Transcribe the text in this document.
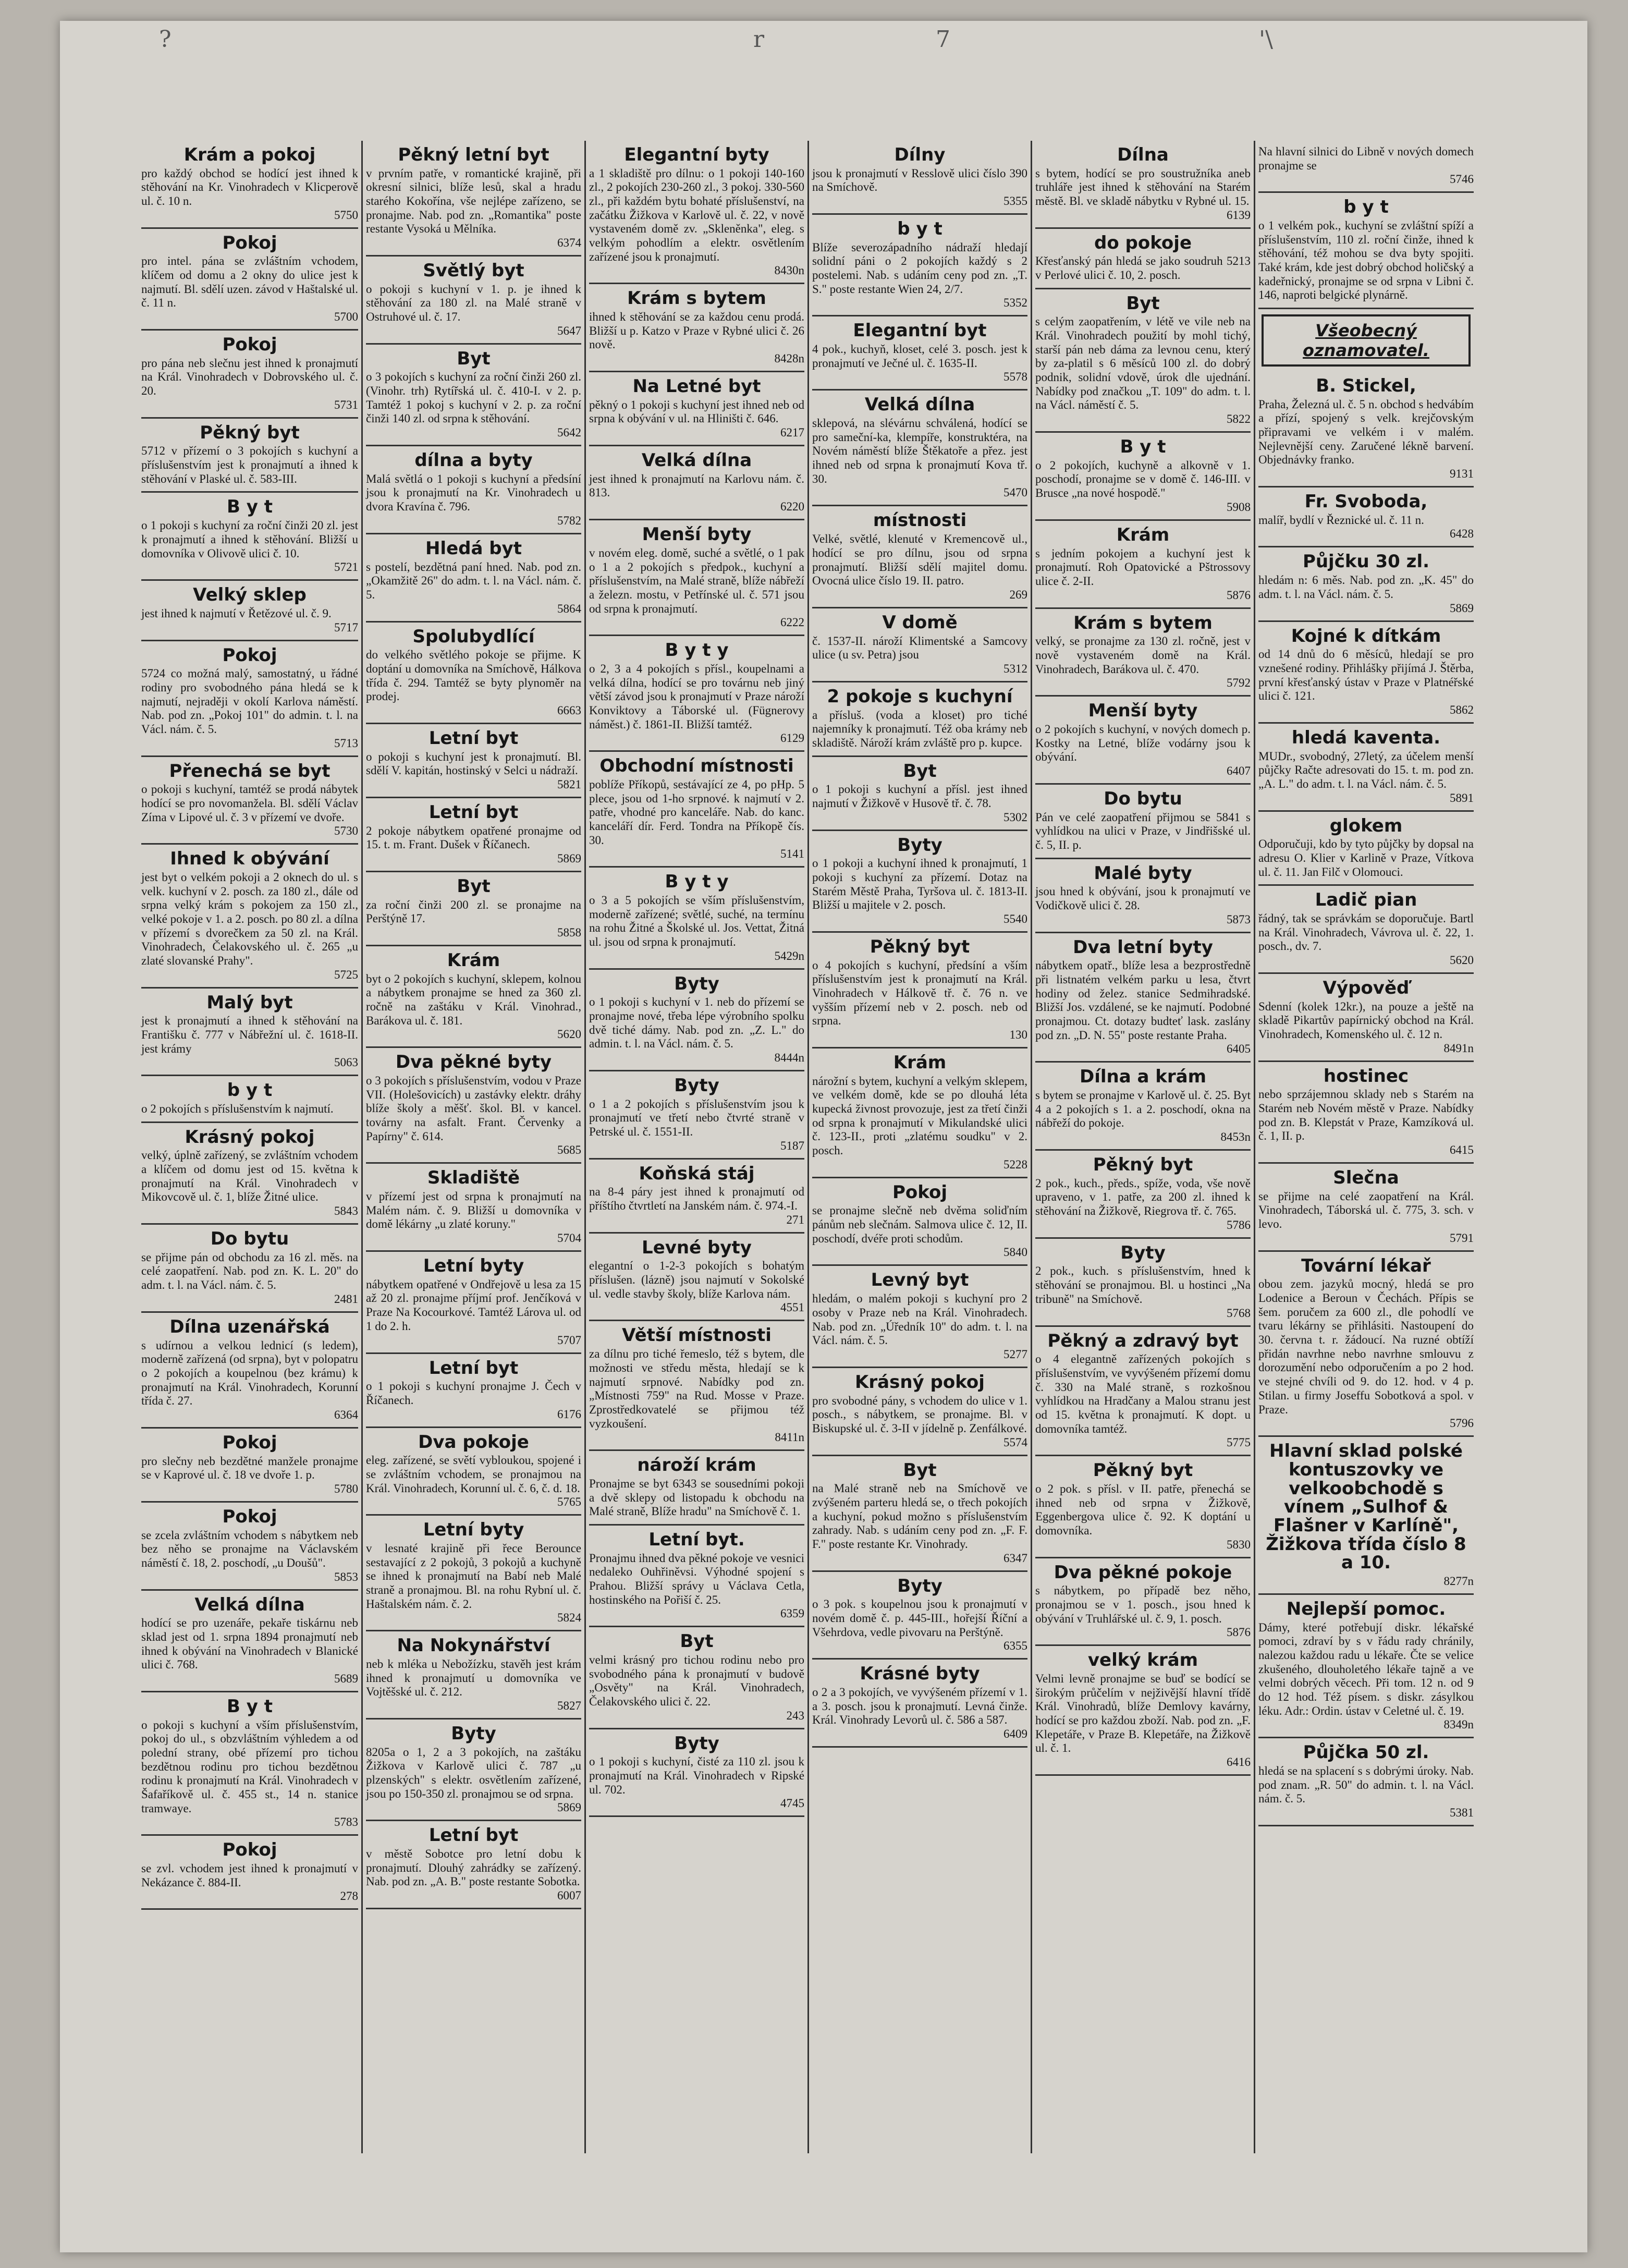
?	r	7	'\
Krám a pokoj

pro každý obchod se hodící jest ihned k stěhování na Kr. Vinohradech v Klicperově ul. č. 10 n.

5750

Pokoj

pro intel. pána se zvláštním vchodem, klíčem od domu a 2 okny do ulice jest k najmutí. Bl. sdělí uzen. závod v Haštalské ul. č. 11 n.

5700

Pokoj

pro pána neb slečnu jest ihned k pronajmutí na Král. Vinohradech v Dobrovského ul. č. 20.

5731

Pěkný byt

5712 v přízemí o 3 pokojích s kuchyní a příslušenstvím jest k pronajmutí a ihned k stěhování v Plaské ul. č. 583-III.

B y t

o 1 pokoji s kuchyní za roční činži 20 zl. jest k pronajmutí a ihned k stěhování. Bližší u domovníka v Olivově ulici č. 10.

5721

Velký sklep

jest ihned k najmutí v Řetězové ul. č. 9.

5717

Pokoj

5724 co možná malý, samostatný, u řádné rodiny pro svobodného pána hledá se k najmutí, nejraději v okolí Karlova náměstí. Nab. pod zn. „Pokoj 101" do admin. t. l. na Václ. nám. č. 5.

5713

Přenechá se byt

o pokoji s kuchyní, tamtéž se prodá nábytek hodící se pro novomanžela. Bl. sdělí Václav Zíma v Lipové ul. č. 3 v přízemí ve dvoře.

5730

Ihned k obývání

jest byt o velkém pokoji a 2 oknech do ul. s velk. kuchyní v 2. posch. za 180 zl., dále od srpna velký krám s pokojem za 150 zl., velké pokoje v 1. a 2. posch. po 80 zl. a dílna v přízemí s dvorečkem za 50 zl. na Král. Vinohradech, Čelakovského ul. č. 265 „u zlaté slovanské Prahy".

5725

Malý byt

jest k pronajmutí a ihned k stěhování na Františku č. 777 v Nábřežní ul. č. 1618-II. jest krámy

5063

b y t

o 2 pokojích s příslušenstvím k najmutí.

Krásný pokoj

velký, úplně zařízený, se zvláštním vchodem a klíčem od domu jest od 15. května k pronajmutí na Král. Vinohradech v Mikovcově ul. č. 1, blíže Žitné ulice.

5843

Do bytu

se přijme pán od obchodu za 16 zl. měs. na celé zaopatření. Nab. pod zn. K. L. 20" do adm. t. l. na Václ. nám. č. 5.

2481

Dílna uzenářská

s udírnou a velkou lednicí (s ledem), moderně zařízená (od srpna), byt v polopatru o 2 pokojích a koupelnou (bez krámu) k pronajmutí na Král. Vinohradech, Korunní třída č. 27.

6364

Pokoj

pro slečny neb bezdětné manžele pronajme se v Kaprové ul. č. 18 ve dvoře 1. p.

5780

Pokoj

se zcela zvláštním vchodem s nábytkem neb bez něho se pronajme na Václavském náměstí č. 18, 2. poschodí, „u Doušů".

5853

Velká dílna

hodící se pro uzenáře, pekaře tiskárnu neb sklad jest od 1. srpna 1894 pronajmutí neb ihned k obývání na Vinohradech v Blanické ulici č. 768.

5689

B y t

o pokoji s kuchyní a vším příslušenstvím, pokoj do ul., s obzvláštním výhledem a od polední strany, obé přízemí pro tichou bezdětnou rodinu pro tichou bezdětnou rodinu k pronajmutí na Král. Vinohradech v Šafaříkově ul. č. 455 st., 14 n. stanice tramwaye.

5783

Pokoj

se zvl. vchodem jest ihned k pronajmutí v Nekázance č. 884-II.

278

Pěkný letní byt

v prvním patře, v romantické krajině, při okresní silnici, blíže lesů, skal a hradu starého Kokořína, vše nejlépe zařízeno, se pronajme. Nab. pod zn. „Romantika" poste restante Vysoká u Mělníka.

6374

Světlý byt

o pokoji s kuchyní v 1. p. je ihned k stěhování za 180 zl. na Malé straně v Ostruhové ul. č. 17.

5647

Byt

o 3 pokojích s kuchyní za roční činži 260 zl. (Vinohr. trh) Rytířská ul. č. 410-I. v 2. p. Tamtéž 1 pokoj s kuchyní v 2. p. za roční činži 140 zl. od srpna k stěhování.

5642

dílna a byty

Malá světlá o 1 pokoji s kuchyní a předsíní jsou k pronajmutí na Kr. Vinohradech u dvora Kravína č. 796.

5782

Hledá byt

s postelí, bezdětná paní hned. Nab. pod zn. „Okamžitě 26" do adm. t. l. na Václ. nám. č. 5.

5864

Spolubydlící

do velkého světlého pokoje se přijme. K doptání u domovníka na Smíchově, Hálkova třída č. 294. Tamtéž se byty plynoměr na prodej.

6663

Letní byt

o pokoji s kuchyní jest k pronajmutí. Bl. sdělí V. kapitán, hostinský v Selci u nádraží.

5821

Letní byt

2 pokoje nábytkem opatřené pronajme od 15. t. m. Frant. Dušek v Říčanech.

5869

Byt

za roční činži 200 zl. se pronajme na Perštýně 17.

5858

Krám

byt o 2 pokojích s kuchyní, sklepem, kolnou a nábytkem pronajme se hned za 360 zl. ročně na zaštáku v Král. Vinohrad., Barákova ul. č. 181.

5620

Dva pěkné byty

o 3 pokojích s příslušenstvím, vodou v Praze VII. (Holešovicích) u zastávky elektr. dráhy blíže školy a měšť. škol. Bl. v kancel. továrny na asfalt. Frant. Červenky a Papírny" č. 614.

5685

Skladiště

v přízemí jest od srpna k pronajmutí na Malém nám. č. 9. Bližší u domovníka v domě lékárny „u zlaté koruny."

5704

Letní byty

nábytkem opatřené v Ondřejově u lesa za 15 až 20 zl. pronajme příjmí prof. Jenčíková v Praze Na Kocourkové. Tamtéž Lárova ul. od 1 do 2. h.

5707

Letní byt

o 1 pokoji s kuchyní pronajme J. Čech v Říčanech.

6176

Dva pokoje

eleg. zařízené, se světí vybloukou, spojené i se zvláštním vchodem, se pronajmou na Král. Vinohradech, Korunní ul. č. 6, č. d. 18.

5765

Letní byty

v lesnaté krajině při řece Berounce sestavající z 2 pokojů, 3 pokojů a kuchyně se ihned k pronajmutí na Babí neb Malé straně a pronajmou. Bl. na rohu Rybní ul. č. Haštalském nám. č. 2.

5824

Na Nokynářství

neb k mléka u Nebožízku, stavěh jest krám ihned k pronajmutí u domovníka ve Vojtěšské ul. č. 212.

5827

Byty

8205a o 1, 2 a 3 pokojích, na zaštáku Žižkova v Karlově ulici č. 787 „u plzenských" s elektr. osvětlením zařízené, jsou po 150-350 zl. pronajmou se od srpna.

5869

Letní byt

v městě Sobotce pro letní dobu k pronajmutí. Dlouhý zahrádky se zařízený. Nab. pod zn. „A. B." poste restante Sobotka.

6007

Elegantní byty

a 1 skladiště pro dílnu: o 1 pokoji 140-160 zl., 2 pokojích 230-260 zl., 3 pokoj. 330-560 zl., při každém bytu bohaté příslušenství, na začátku Žižkova v Karlově ul. č. 22, v nově vystaveném domě zv. „Skleněnka", eleg. s velkým pohodlím a elektr. osvětlením zařízené jsou k pronajmutí.

8430n

Krám s bytem

ihned k stěhování se za každou cenu prodá. Bližší u p. Katzo v Praze v Rybné ulici č. 26 nově.

8428n

Na Letné byt

pěkný o 1 pokoji s kuchyní jest ihned neb od srpna k obývání v ul. na Hliništi č. 646.

6217

Velká dílna

jest ihned k pronajmutí na Karlovu nám. č. 813.

6220

Menší byty

v novém eleg. domě, suché a světlé, o 1 pak o 1 a 2 pokojích s předpok., kuchyní a příslušenstvím, na Malé straně, blíže nábřeží a železn. mostu, v Petřínské ul. č. 571 jsou od srpna k pronajmutí.

6222

B y t y

o 2, 3 a 4 pokojích s přísl., koupelnami a velká dílna, hodící se pro továrnu neb jiný větší závod jsou k pronajmutí v Praze nároží Konviktovy a Táborské ul. (Fügnerovy náměst.) č. 1861-II. Bližší tamtéž.

6129

Obchodní místnosti

poblíže Příkopů, sestávající ze 4, po pHp. 5 plece, jsou od 1-ho srpnové. k najmutí v 2. patře, vhodné pro kanceláře. Nab. do kanc. kanceláří dír. Ferd. Tondra na Příkopě čís. 30.

5141

B y t y

o 3 a 5 pokojích se vším příslušenstvím, moderně zařízené; světlé, suché, na termínu na rohu Žitné a Školské ul. Jos. Vettat, Žitná ul. jsou od srpna k pronajmutí.

5429n

Byty

o 1 pokoji s kuchyní v 1. neb do přízemí se pronajme nové, třeba lépe výrobního spolku dvě tiché dámy. Nab. pod zn. „Z. L." do admin. t. l. na Václ. nám. č. 5.

8444n

Byty

o 1 a 2 pokojích s příslušenstvím jsou k pronajmutí ve třetí nebo čtvrté straně v Petrské ul. č. 1551-II.

5187

Koňská stáj

na 8-4 páry jest ihned k pronajmutí od příštího čtvrtletí na Janském nám. č. 974.-I.

271

Levné byty

elegantní o 1-2-3 pokojích s bohatým příslušen. (lázně) jsou najmutí v Sokolské ul. vedle stavby školy, blíže Karlova nám.

4551

Větší místnosti

za dílnu pro tiché řemeslo, též s bytem, dle možnosti ve středu města, hledají se k najmutí srpnové. Nabídky pod zn. „Místnosti 759" na Rud. Mosse v Praze. Zprostředkovatelé se přijmou též vyzkoušení.

8411n

nároží krám

Pronajme se byt 6343 se sousedními pokoji a dvě sklepy od listopadu k obchodu na Malé straně, Blíže hradu" na Smíchově č. 1.

Letní byt.

Pronajmu ihned dva pěkné pokoje ve vesnici nedaleko Ouhřiněvsi. Výhodné spojení s Prahou. Bližší správy u Václava Cetla, hostinského na Pořiší č. 25.

6359

Byt

velmi krásný pro tichou rodinu nebo pro svobodného pána k pronajmutí v budově „Osvěty" na Král. Vinohradech, Čelakovského ulici č. 22.

243

Byty

o 1 pokoji s kuchyní, čisté za 110 zl. jsou k pronajmutí na Král. Vinohradech v Ripské ul. 702.

4745

Dílny

jsou k pronajmutí v Resslově ulici číslo 390 na Smíchově.

5355

b y t

Blíže severozápadního nádraží hledají solidní páni o 2 pokojích každý s 2 postelemi. Nab. s udáním ceny pod zn. „T. S." poste restante Wien 24, 2/7.

5352

Elegantní byt

4 pok., kuchyň, kloset, celé 3. posch. jest k pronajmutí ve Ječné ul. č. 1635-II.

5578

Velká dílna

sklepová, na slévárnu schválená, hodící se pro sameční-ka, klempíře, konstruktéra, na Novém náměstí blíže Štěkatoře a přez. jest ihned neb od srpna k pronajmutí Kova tř. 30.

5470

místnosti

Velké, světlé, klenuté v Kremencově ul., hodící se pro dílnu, jsou od srpna pronajmutí. Bližší sdělí majitel domu. Ovocná ulice číslo 19. II. patro.

269

V domě

č. 1537-II. nároží Klimentské a Samcovy ulice (u sv. Petra) jsou

5312

2 pokoje s kuchyní

a přísluš. (voda a kloset) pro tiché najemníky k pronajmutí. Též oba krámy neb skladiště. Nároží krám zvláště pro p. kupce.

Byt

o 1 pokoji s kuchyní a přísl. jest ihned najmutí v Žižkově v Husově tř. č. 78.

5302

Byty

o 1 pokoji a kuchyní ihned k pronajmutí, 1 pokoji s kuchyní za přízemí. Dotaz na Starém Městě Praha, Tyršova ul. č. 1813-II. Bližší u majitele v 2. posch.

5540

Pěkný byt

o 4 pokojích s kuchyní, předsíní a vším příslušenstvím jest k pronajmutí na Král. Vinohradech v Hálkově tř. č. 76 n. ve vyšším přízemí neb v 2. posch. neb od srpna.

130

Krám

nárožní s bytem, kuchyní a velkým sklepem, ve velkém domě, kde se po dlouhá léta kupecká živnost provozuje, jest za třetí činži od srpna k pronajmutí v Mikulandské ulici č. 123-II., proti „zlatému soudku" v 2. posch.

5228

Pokoj

se pronajme slečně neb dvěma soliďním pánům neb slečnám. Salmova ulice č. 12, II. poschodí, dvéře proti schodům.

5840

Levný byt

hledám, o malém pokoji s kuchyní pro 2 osoby v Praze neb na Král. Vinohradech. Nab. pod zn. „Úředník 10" do adm. t. l. na Václ. nám. č. 5.

5277

Krásný pokoj

pro svobodné pány, s vchodem do ulice v 1. posch., s nábytkem, se pronajme. Bl. v Biskupské ul. č. 3-II v jídelně p. Zenfálkové.

5574

Byt

na Malé straně neb na Smíchově ve zvýšeném parteru hledá se, o třech pokojích a kuchyní, pokud možno s příslušenstvím zahrady. Nab. s udáním ceny pod zn. „F. F. F." poste restante Kr. Vinohrady.

6347

Byty

o 3 pok. s koupelnou jsou k pronajmutí v novém domě č. p. 445-III., hořejší Říční a Všehrdova, vedle pivovaru na Perštýně.

6355

Krásné byty

o 2 a 3 pokojích, ve vyvýšeném přízemí v 1. a 3. posch. jsou k pronajmutí. Levná činže. Král. Vinohrady Levorů ul. č. 586 a 587.

6409

Dílna

s bytem, hodící se pro soustružníka aneb truhláře jest ihned k stěhování na Starém městě. Bl. ve skladě nábytku v Rybné ul. 15.

6139

do pokoje

Křesťanský pán hledá se jako soudruh 5213 v Perlové ulici č. 10, 2. posch.

Byt

s celým zaopatřením, v létě ve vile neb na Král. Vinohradech použití by mohl tichý, starší pán neb dáma za levnou cenu, který by za-platil s 6 měsíců 100 zl. do dobrý podnik, solidní vdově, úrok dle ujednání. Nabídky pod značkou „T. 109" do adm. t. l. na Václ. náměstí č. 5.

5822

B y t

o 2 pokojích, kuchyně a alkovně v 1. poschodí, pronajme se v domě č. 146-III. v Brusce „na nové hospodě."

5908

Krám

s jedním pokojem a kuchyní jest k pronajmutí. Roh Opatovické a Pštrossovy ulice č. 2-II.

5876

Krám s bytem

velký, se pronajme za 130 zl. ročně, jest v nově vystaveném domě na Král. Vinohradech, Barákova ul. č. 470.

5792

Menší byty

o 2 pokojích s kuchyní, v nových domech p. Kostky na Letné, blíže vodárny jsou k obývání.

6407

Do bytu

Pán ve celé zaopatření přijmou se 5841 s vyhlídkou na ulici v Praze, v Jindřišské ul. č. 5, II. p.

Malé byty

jsou hned k obývání, jsou k pronajmutí ve Vodičkově ulici č. 28.

5873

Dva letní byty

nábytkem opatř., blíže lesa a bezprostředně při listnatém velkém parku u lesa, čtvrt hodiny od želez. stanice Sedmihradské. Bližší Jos. vzdálené, se ke najmutí. Podobné pronajmou. Ct. dotazy budteť lask. zaslány pod zn. „D. N. 55" poste restante Praha.

6405

Dílna a krám

s bytem se pronajme v Karlově ul. č. 25. Byt 4 a 2 pokojích s 1. a 2. poschodí, okna na nábřeží do pokoje.

8453n

Pěkný byt

2 pok., kuch., předs., spíže, voda, vše nově upraveno, v 1. patře, za 200 zl. ihned k stěhování na Žižkově, Riegrova tř. č. 765.

5786

Byty

2 pok., kuch. s příslušenstvím, hned k stěhování se pronajmou. Bl. u hostinci „Na tribuně" na Smíchově.

5768

Pěkný a zdravý byt

o 4 elegantně zařízených pokojích s příslušenstvím, ve vyvýšeném přízemí domu č. 330 na Malé straně, s rozkošnou vyhlídkou na Hradčany a Malou stranu jest od 15. května k pronajmutí. K dopt. u domovníka tamtéž.

5775

Pěkný byt

o 2 pok. s přísl. v II. patře, přenechá se ihned neb od srpna v Žižkově, Eggenbergova ulice č. 92. K doptání u domovníka.

5830

Dva pěkné pokoje

s nábytkem, po případě bez něho, pronajmou se v 1. posch., jsou hned k obývání v Truhlářské ul. č. 9, 1. posch.

5876

velký krám

Velmi levně pronajme se buď se bodící se širokým průčelím v nejživější hlavní třídě Král. Vinohradů, blíže Demlovy kavárny, hodící se pro každou zboží. Nab. pod zn. „F. Klepetáře, v Praze B. Klepetáře, na Žižkově ul. č. 1.

6416

Na hlavní silnici do Libně v nových domech pronajme se

5746

b y t

o 1 velkém pok., kuchyní se zvláštní spíží a příslušenstvím, 110 zl. roční činže, ihned k stěhování, též mohou se dva byty spojiti. Také krám, kde jest dobrý obchod holičský a kadeřnický, pronajme se od srpna v Libni č. 146, naproti belgické plynárně.

Všeobecný
oznamovatel.
B. Stickel,

Praha, Železná ul. č. 5 n. obchod s hedvábím a přízí, spojený s velk. krejčovským připravami ve velkém i v malém. Nejlevnější ceny. Zaručené lékně barvení. Objednávky franko.

9131

Fr. Svoboda,

malíř, bydlí v Řeznické ul. č. 11 n.

6428

Půjčku 30 zl.

hledám n: 6 měs. Nab. pod zn. „K. 45" do adm. t. l. na Václ. nám. č. 5.

5869

Kojné k dítkám

od 14 dnů do 6 měsíců, hledají se pro vznešené rodiny. Přihlášky přijímá J. Štěrba, první křesťanský ústav v Praze v Platnéřské ulici č. 121.

5862

hledá kaventa.

MUDr., svobodný, 27letý, za účelem menší půjčky Račte adresovati do 15. t. m. pod zn. „A. L." do adm. t. l. na Václ. nám. č. 5.

5891

glokem

Odporučuji, kdo by tyto půjčky by dopsal na adresu O. Klier v Karlině v Praze, Vítkova ul. č. 11. Jan Filč v Olomouci.

Ladič pian

řádný, tak se správkám se doporučuje. Bartl na Král. Vinohradech, Vávrova ul. č. 22, 1. posch., dv. 7.

5620

Výpověď

Sdenní (kolek 12kr.), na pouze a ještě na skladě Pikartův papírnický obchod na Král. Vinohradech, Komenského ul. č. 12 n.

8491n

hostinec

nebo sprzájemnou sklady neb s Starém na Starém neb Novém městě v Praze. Nabídky pod zn. B. Klepstát v Praze, Kamzíková ul. č. 1, II. p.

6415

Slečna

se přijme na celé zaopatření na Král. Vinohradech, Táborská ul. č. 775, 3. sch. v levo.

5791

Tovární lékař

obou zem. jazyků mocný, hledá se pro Lodenice a Beroun v Čechách. Přípis se šem. poručem za 600 zl., dle pohodlí ve tvaru lékárny se přihlásiti. Nastoupení do 30. června t. r. žádoucí. Na ruzné obtíží přidán navrhne nebo navrhne smlouvu z dorozumění nebo odporučením a po 2 hod. ve stejné chvíli od 9. do 12. hod. v 4 p. Stilan. u firmy Joseffu Sobotková a spol. v Praze.

5796

Hlavní sklad polské kontuszovky ve velkoobchodě s vínem „Sulhof & Flašner v Karlíně", Žižkova třída číslo 8 a 10.

8277n

Nejlepší pomoc.

Dámy, které potřebují diskr. lékařské pomoci, zdraví by s v řádu rady chránily, nalezou každou radu u lékaře. Čte se velice zkušeného, dlouholetého lékaře tajně a ve velmi dobrých věcech. Při tom. 12 n. od 9 do 12 hod. Též písem. s diskr. zásylkou léku. Adr.: Ordin. ústav v Celetné ul. č. 19.

8349n

Půjčka 50 zl.

hledá se na splacení s s dobrými úroky. Nab. pod znam. „R. 50" do admin. t. l. na Václ. nám. č. 5.

5381
